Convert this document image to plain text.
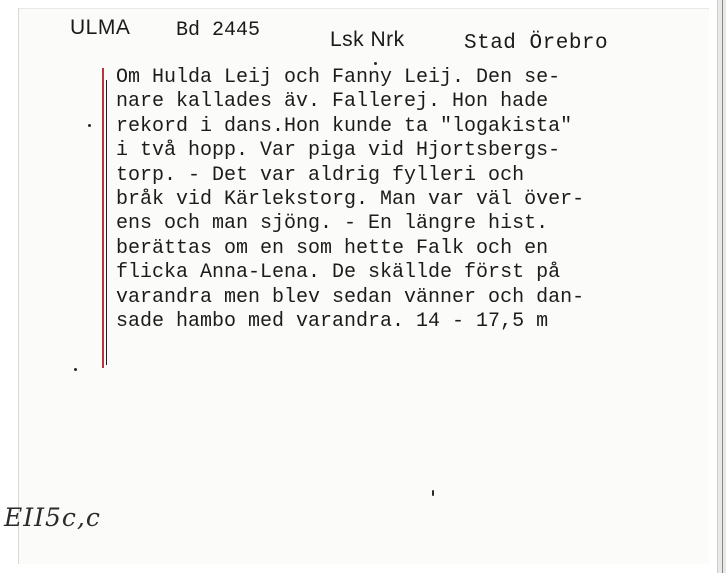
ULMA Bd 2445	Lsk Nrk	Stad Örebro
Om Hulda Leij och Fanny Leij. Den se-
nare kallades äv. Fallerej. Hon hade
rekord i dans.Hon kunde ta "logakista"
i två hopp. Var piga vid Hjortsbergs-
torp. - Det var aldrig fylleri och
bråk vid Kärlekstorg. Man var väl över-
ens och man sjöng. - En längre hist.
berättas om en som hette Falk och en
flicka Anna-Lena. De skällde först på
varandra men blev sedan vänner och dan-
sade hambo med varandra. 14 - 17,5 m
EII5c,c
